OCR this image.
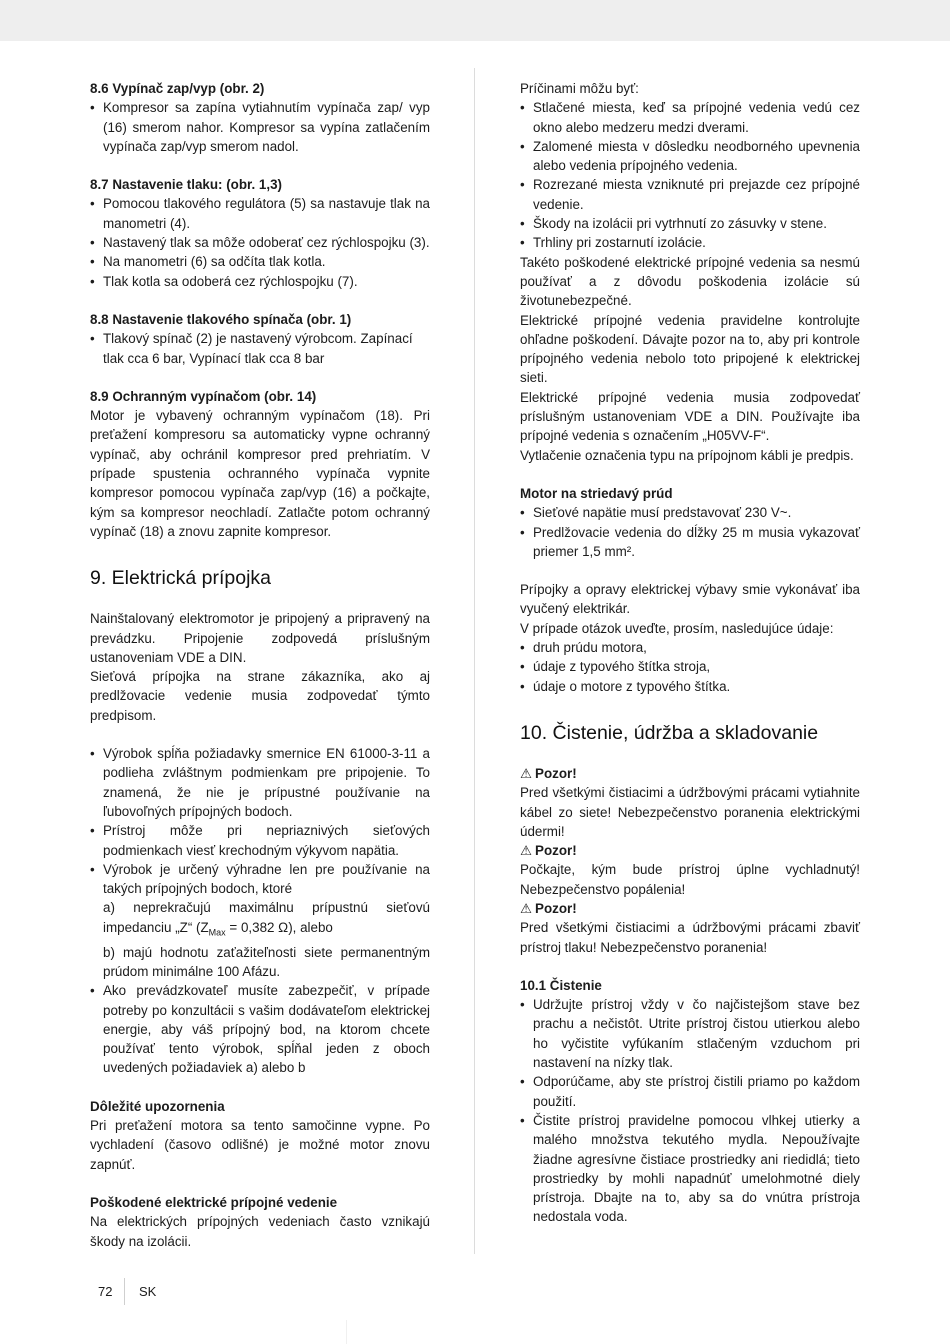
8.6 Vypínač zap/vyp (obr. 2)

• Kompresor sa zapína vytiahnutím vypínača zap/ vyp (16) smerom nahor. Kompresor sa vypína zatlačením vypínača zap/vyp smerom nadol.

8.7 Nastavenie tlaku: (obr. 1,3)

• Pomocou tlakového regulátora (5) sa nastavuje tlak na manometri (4).
• Nastavený tlak sa môže odoberať cez rýchlospojku (3).
• Na manometri (6) sa odčíta tlak kotla.
• Tlak kotla sa odoberá cez rýchlospojku (7).

8.8 Nastavenie tlakového spínača (obr. 1)

• Tlakový spínač (2) je nastavený výrobcom. Zapínací tlak cca 6 bar, Vypínací tlak cca 8 bar

8.9 Ochranným vypínačom (obr. 14)

Motor je vybavený ochranným vypínačom (18). Pri preťažení kompresoru sa automaticky vypne ochranný vypínač, aby ochránil kompresor pred prehriatím. V prípade spustenia ochranného vypínača vypnite kompresor pomocou vypínača zap/vyp (16) a počkajte, kým sa kompresor neochladí. Zatlačte potom ochranný vypínač (18) a znovu zapnite kompresor.

9. Elektrická prípojka

Nainštalovaný elektromotor je pripojený a pripravený na prevádzku. Pripojenie zodpovedá príslušným ustanoveniam VDE a DIN.

Sieťová prípojka na strane zákazníka, ako aj predlžovacie vedenie musia zodpovedať týmto predpisom.

• Výrobok spĺňa požiadavky smernice EN 61000-3-11 a podlieha zvláštnym podmienkam pre pripojenie. To znamená, že nie je prípustné používanie na ľubovoľných prípojných bodoch.
• Prístroj môže pri nepriaznivých sieťových podmienkach viesť krechodným výkyvom napätia.
• Výrobok je určený výhradne len pre používanie na takých prípojných bodoch, ktoré
a) neprekračujú maximálnu prípustnú sieťovú impedanciu „Z“ ($Z_{Max} = 0,382$ Ω), alebo
b) majú hodnotu zaťažiteľnosti siete permanentným prúdom minimálne 100 Afázu.
• Ako prevádzkovateľ musíte zabezpečiť, v prípade potreby po konzultácii s vašim dodávateľom elektrickej energie, aby váš prípojný bod, na ktorom chcete používať tento výrobok, spĺňal jeden z oboch uvedených požiadaviek a) alebo b

Dôležité upozornenia

Pri preťažení motora sa tento samočinne vypne. Po vychladení (časovo odlišné) je možné motor znovu zapnúť.

Poškodené elektrické prípojné vedenie

Na elektrických prípojných vedeniach často vznikajú škody na izolácii.

Príčinami môžu byť:

• Stlačené miesta, keď sa prípojné vedenia vedú cez okno alebo medzeru medzi dverami.
• Zalomené miesta v dôsledku neodborného upevnenia alebo vedenia prípojného vedenia.
• Rozrezané miesta vzniknuté pri prejazde cez prípojné vedenie.
• Škody na izolácii pri vytrhnutí zo zásuvky v stene.
• Trhliny pri zostarnutí izolácie.

Takéto poškodené elektrické prípojné vedenia sa nesmú používať a z dôvodu poškodenia izolácie sú životunebezpečné.

Elektrické prípojné vedenia pravidelne kontrolujte ohľadne poškodení. Dávajte pozor na to, aby pri kontrole prípojného vedenia nebolo toto pripojené k elektrickej sieti.

Elektrické prípojné vedenia musia zodpovedať príslušným ustanoveniam VDE a DIN. Používajte iba prípojné vedenia s označením „H05VV-F“.

Vytlačenie označenia typu na prípojnom kábli je predpis.

Motor na striedavý prúd

• Sieťové napätie musí predstavovať 230 V~.
• Predlžovacie vedenia do dĺžky 25 m musia vykazovať priemer 1,5 mm².

Prípojky a opravy elektrickej výbavy smie vykonávať iba vyučený elektrikár.

V prípade otázok uveďte, prosím, nasledujúce údaje:

• druh prúdu motora,
• údaje z typového štítka stroja,
• údaje o motore z typového štítka.
10. Čistenie, údržba a skladovanie

⚠ Pozor!

Pred všetkými čistiacimi a údržbovými prácami vytiahnite kábel zo siete! Nebezpečenstvo poranenia elektrickými údermi!

⚠ Pozor!

Počkajte, kým bude prístroj úplne vychladnutý! Nebezpečenstvo popálenia!

⚠ Pozor!

Pred všetkými čistiacimi a údržbovými prácami zbaviť prístroj tlaku! Nebezpečenstvo poranenia!

10.1 Čistenie

• Udržujte prístroj vždy v čo najčistejšom stave bez prachu a nečistôt. Utrite prístroj čistou utierkou alebo ho vyčistite vyfúkaním stlačeným vzduchom pri nastavení na nízky tlak.
• Odporúčame, aby ste prístroj čistili priamo po každom použití.
• Čistite prístroj pravidelne pomocou vlhkej utierky a malého množstva tekutého mydla. Nepoužívajte žiadne agresívne čistiace prostriedky ani riedidlá; tieto prostriedky by mohli napadnúť umelohmotné diely prístroja. Dbajte na to, aby sa do vnútra prístroja nedostala voda.
72 SK
